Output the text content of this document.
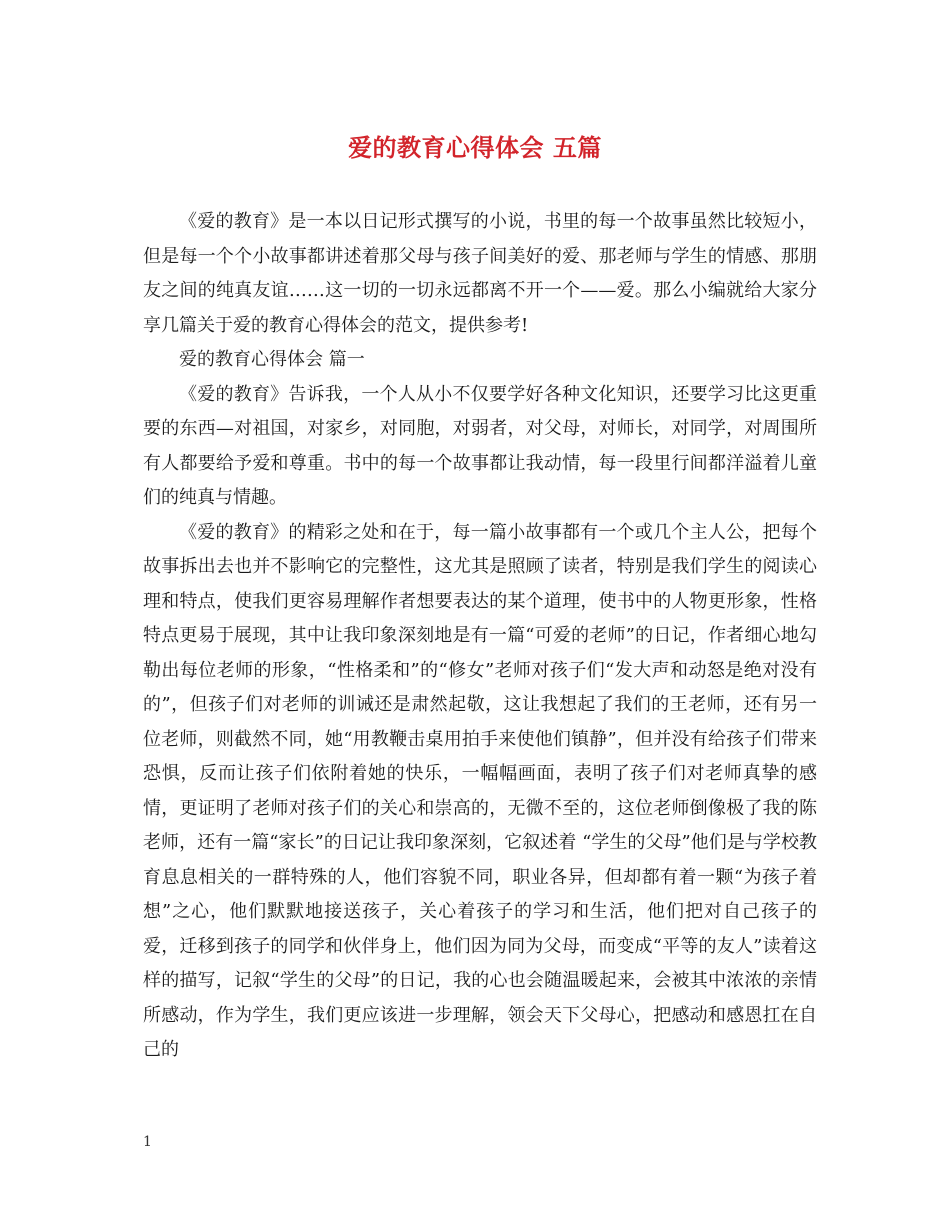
爱的教育心得体会 五篇

《爱的教育》是一本以日记形式撰写的小说，书里的每一个故事虽然比较短小，但是每一个个小故事都讲述着那父母与孩子间美好的爱、那老师与学生的情感、那朋友之间的纯真友谊……这一切的一切永远都离不开一个——爱。那么小编就给大家分享几篇关于爱的教育心得体会的范文，提供参考!

爱的教育心得体会 篇一

《爱的教育》告诉我，一个人从小不仅要学好各种文化知识，还要学习比这更重要的东西—对祖国，对家乡，对同胞，对弱者，对父母，对师长，对同学，对周围所有人都要给予爱和尊重。书中的每一个故事都让我动情，每一段里行间都洋溢着儿童们的纯真与情趣。

《爱的教育》的精彩之处和在于，每一篇小故事都有一个或几个主人公，把每个故事拆出去也并不影响它的完整性，这尤其是照顾了读者，特别是我们学生的阅读心理和特点，使我们更容易理解作者想要表达的某个道理，使书中的人物更形象，性格特点更易于展现，其中让我印象深刻地是有一篇“可爱的老师”的日记，作者细心地勾勒出每位老师的形象，“性格柔和”的“修女”老师对孩子们“发大声和动怒是绝对没有的”，但孩子们对老师的训诫还是肃然起敬，这让我想起了我们的王老师，还有另一位老师，则截然不同，她“用教鞭击桌用拍手来使他们镇静”，但并没有给孩子们带来恐惧，反而让孩子们依附着她的快乐，一幅幅画面，表明了孩子们对老师真挚的感情，更证明了老师对孩子们的关心和崇高的，无微不至的，这位老师倒像极了我的陈老师，还有一篇“家长”的日记让我印象深刻，它叙述着 “学生的父母”他们是与学校教育息息相关的一群特殊的人，他们容貌不同，职业各异，但却都有着一颗“为孩子着想”之心，他们默默地接送孩子，关心着孩子的学习和生活，他们把对自己孩子的爱，迁移到孩子的同学和伙伴身上，他们因为同为父母，而变成“平等的友人”读着这样的描写，记叙“学生的父母”的日记，我的心也会随温暖起来，会被其中浓浓的亲情所感动，作为学生，我们更应该进一步理解，领会天下父母心，把感动和感恩扛在自己的

1
